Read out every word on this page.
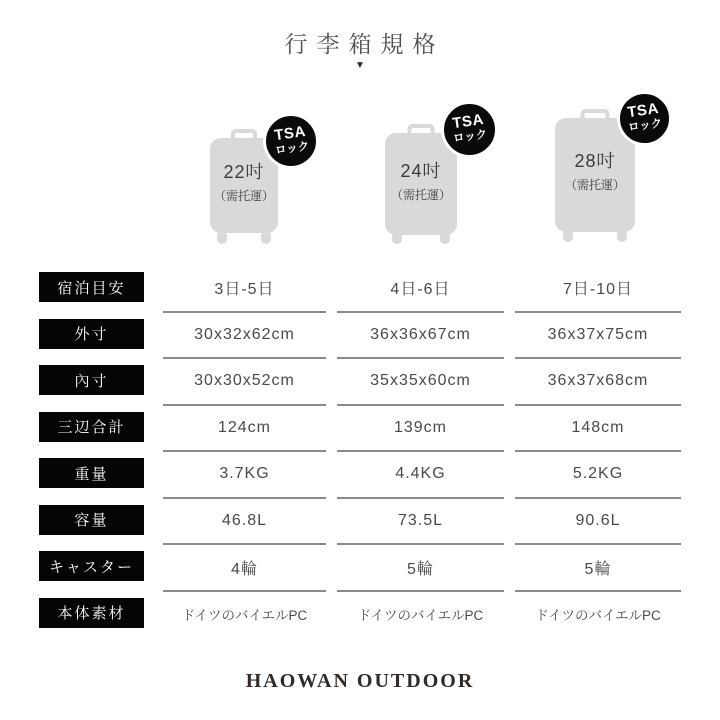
行李箱規格
▼
22吋
（需托運）
TSA
ロック
24吋
（需托運）
TSA
ロック
28吋
（需托運）
TSA
ロック
宿泊目安	3日-5日	4日-6日	7日-10日
外寸	30x32x62cm	36x36x67cm	36x37x75cm
內寸	30x30x52cm	35x35x60cm	36x37x68cm
三辺合計	124cm	139cm	148cm
重量	3.7KG	4.4KG	5.2KG
容量	46.8L	73.5L	90.6L
キャスター	4輪	5輪	5輪
本体素材	ドイツのバイエルPC	ドイツのバイエルPC	ドイツのバイエルPC
HAOWAN OUTDOOR
